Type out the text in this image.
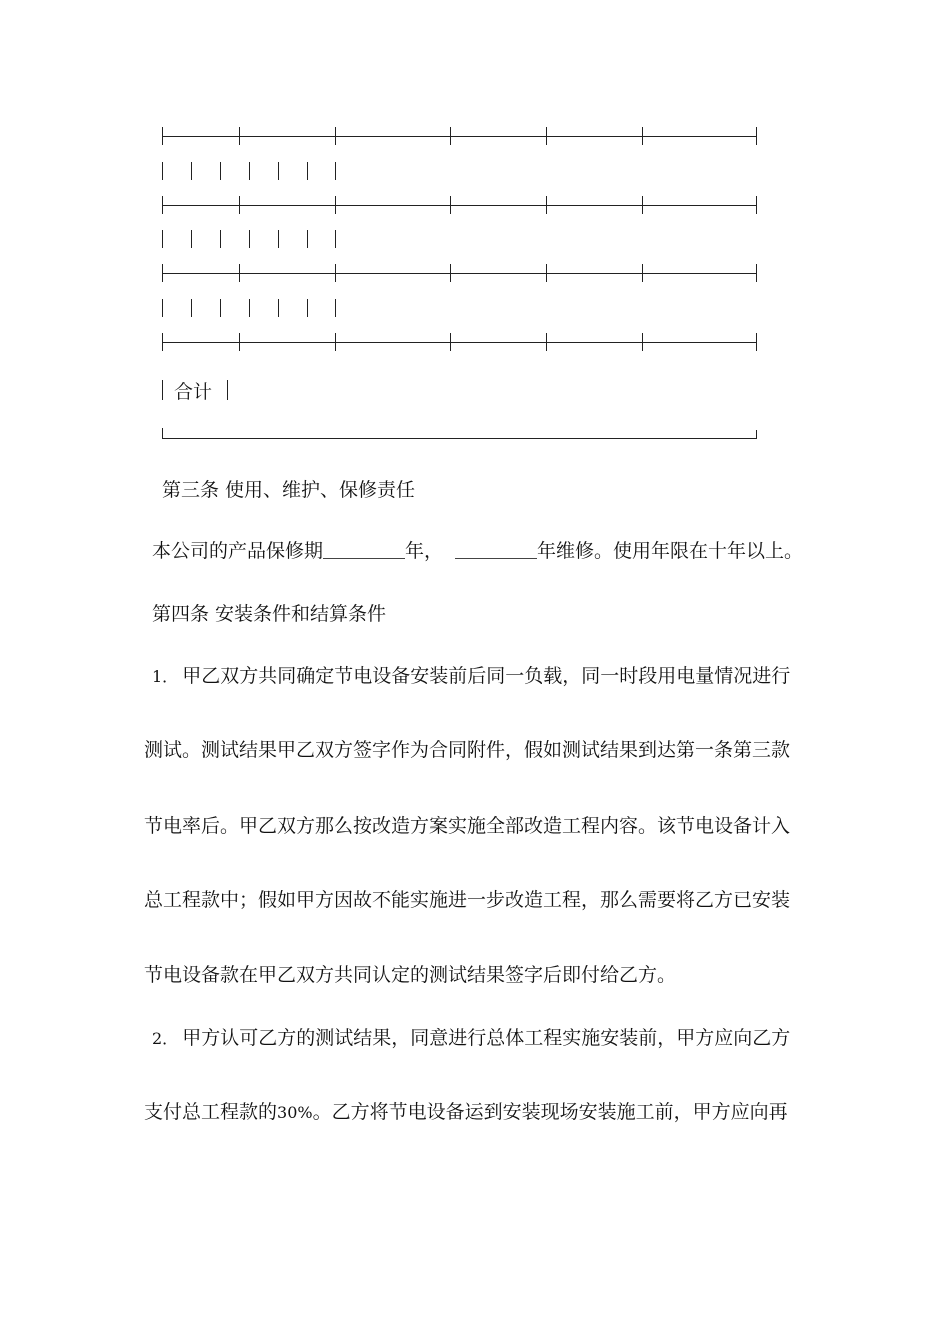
合计
第三条 使用、维护、保修责任
本公司的产品保修期	年，	年维修。使用年限在十年以上。
第四条 安装条件和结算条件
1． 甲乙双方共同确定节电设备安装前后同一负载，同一时段用电量情况进行
测试。测试结果甲乙双方签字作为合同附件，假如测试结果到达第一条第三款
节电率后。甲乙双方那么按改造方案实施全部改造工程内容。该节电设备计入
总工程款中；假如甲方因故不能实施进一步改造工程，那么需要将乙方已安装
节电设备款在甲乙双方共同认定的测试结果签字后即付给乙方。
2． 甲方认可乙方的测试结果，同意进行总体工程实施安装前，甲方应向乙方
支付总工程款的30%。乙方将节电设备运到安装现场安装施工前，甲方应向再
